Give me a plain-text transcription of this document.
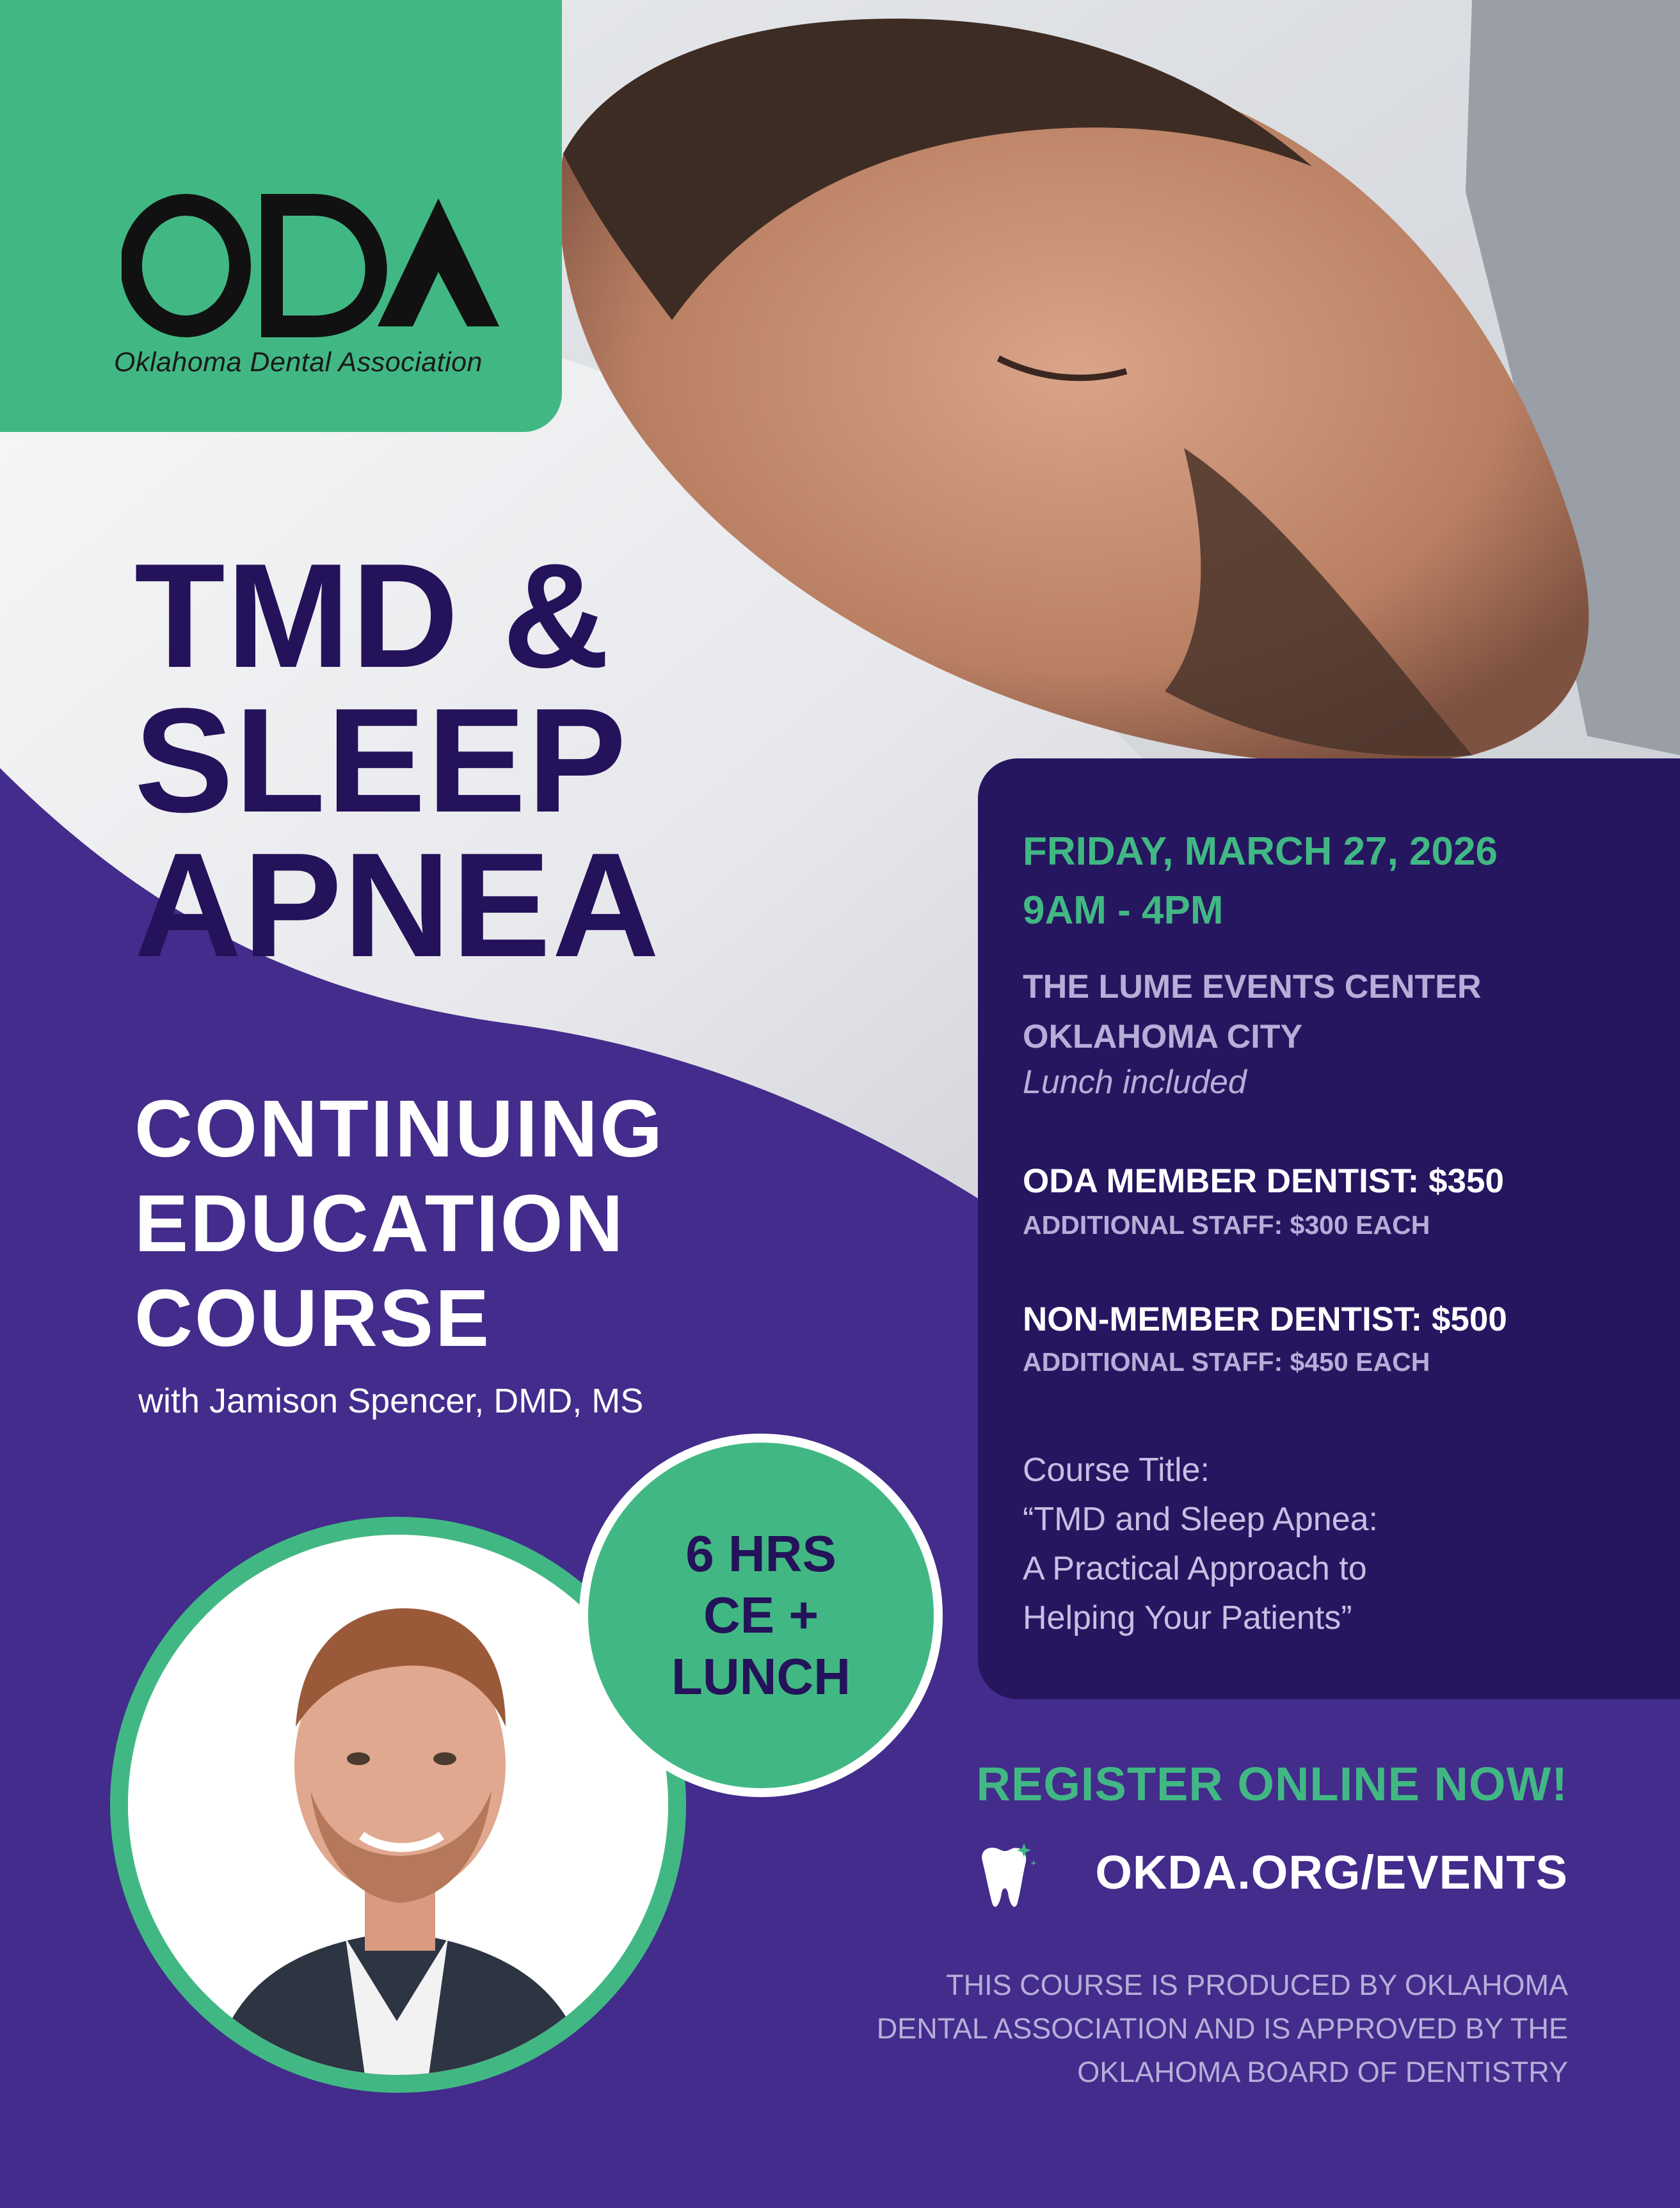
Oklahoma Dental Association
TMD &
SLEEP
APNEA
CONTINUING
EDUCATION
COURSE
with Jamison Spencer, DMD, MS
FRIDAY, MARCH 27, 2026
9AM - 4PM
THE LUME EVENTS CENTER
OKLAHOMA CITY
Lunch included
ODA MEMBER DENTIST: $350
ADDITIONAL STAFF: $300 EACH
NON-MEMBER DENTIST: $500
ADDITIONAL STAFF: $450 EACH
Course Title:
“TMD and Sleep Apnea:
A Practical Approach to
Helping Your Patients”
6 HRS
CE +
LUNCH
REGISTER ONLINE NOW!
OKDA.ORG/EVENTS
THIS COURSE IS PRODUCED BY OKLAHOMA
DENTAL ASSOCIATION AND IS APPROVED BY THE
OKLAHOMA BOARD OF DENTISTRY
